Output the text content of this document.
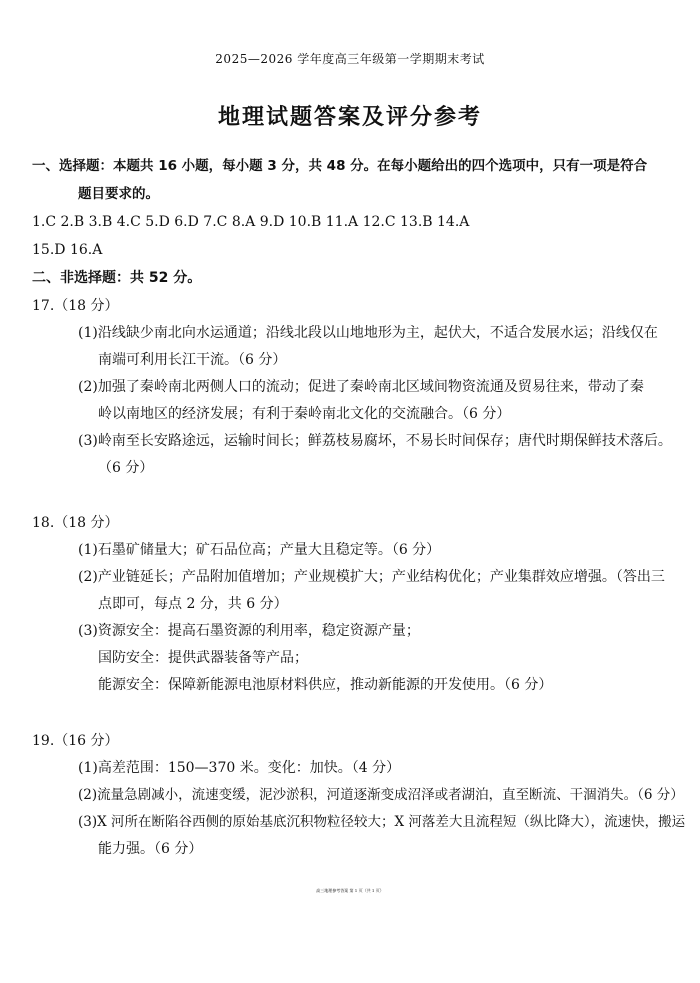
2025—2026 学年度高三年级第一学期期末考试
地理试题答案及评分参考
一、选择题：本题共 16 小题，每小题 3 分，共 48 分。在每小题给出的四个选项中，只有一项是符合
题目要求的。
1.C 2.B 3.B 4.C 5.D 6.D 7.C 8.A 9.D 10.B 11.A 12.C 13.B 14.A
15.D 16.A
二、非选择题：共 52 分。
17.（18 分）
(1)沿线缺少南北向水运通道；沿线北段以山地地形为主，起伏大，不适合发展水运；沿线仅在
南端可利用长江干流。（6 分）
(2)加强了秦岭南北两侧人口的流动；促进了秦岭南北区域间物资流通及贸易往来，带动了秦
岭以南地区的经济发展；有利于秦岭南北文化的交流融合。（6 分）
(3)岭南至长安路途远，运输时间长；鲜荔枝易腐坏，不易长时间保存；唐代时期保鲜技术落后。
（6 分）
18.（18 分）
(1)石墨矿储量大；矿石品位高；产量大且稳定等。（6 分）
(2)产业链延长；产品附加值增加；产业规模扩大；产业结构优化；产业集群效应增强。（答出三
点即可，每点 2 分，共 6 分）
(3)资源安全：提高石墨资源的利用率，稳定资源产量；
国防安全：提供武器装备等产品；
能源安全：保障新能源电池原材料供应，推动新能源的开发使用。（6 分）
19.（16 分）
(1)高差范围：150—370 米。变化：加快。（4 分）
(2)流量急剧减小，流速变缓，泥沙淤积，河道逐渐变成沼泽或者湖泊，直至断流、干涸消失。（6 分）
(3)X 河所在断陷谷西侧的原始基底沉积物粒径较大；X 河落差大且流程短（纵比降大），流速快，搬运
能力强。（6 分）
高三地理参考答案 第 1 页（共 1 页）
